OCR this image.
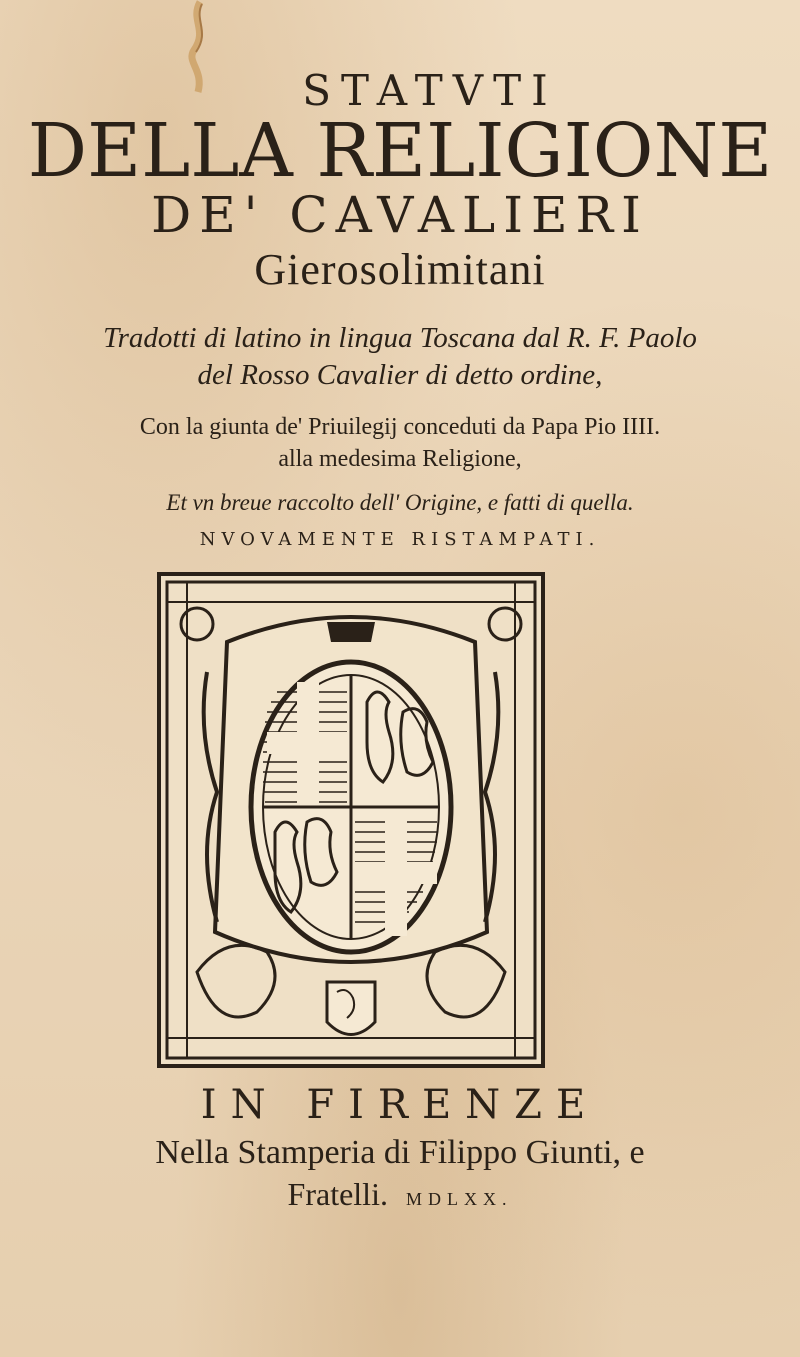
STATVTI
DELLA RELIGIONE
DE' CAVALIERI
Gierosolimitani
Tradotti di latino in lingua Toscana dal R. F. Paolo
del Rosso Cavalier di detto ordine,
Con la giunta de' Priuilegij conceduti da Papa Pio IIII.
alla medesima Religione,
Et vn breue raccolto dell' Origine, e fatti di quella.
NVOVAMENTE RISTAMPATI.
IN FIRENZE
Nella Stamperia di Filippo Giunti, e
Fratelli. MDLXX.
